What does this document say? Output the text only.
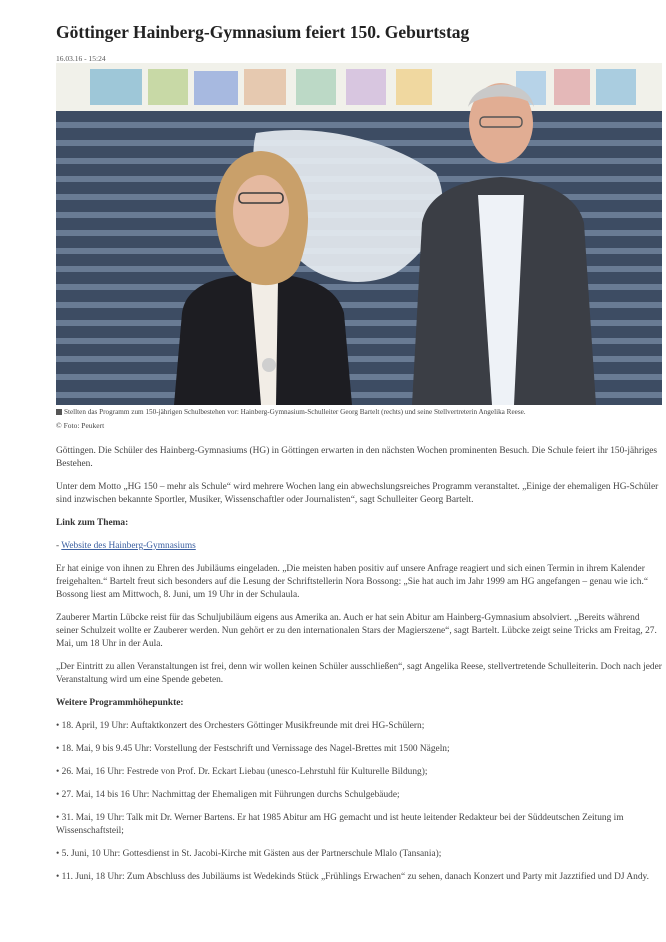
Göttinger Hainberg-Gymnasium feiert 150. Geburtstag
16.03.16 - 15:24
Stellten das Programm zum 150-jährigen Schulbestehen vor: Hainberg-Gymnasium-Schulleiter Georg Bartelt (rechts) und seine Stellvertreterin Angelika Reese.
© Foto: Peukert

Göttingen. Die Schüler des Hainberg-Gymnasiums (HG) in Göttingen erwarten in den nächsten Wochen prominenten Besuch. Die Schule feiert ihr 150-jähriges Bestehen.

Unter dem Motto „HG 150 – mehr als Schule“ wird mehrere Wochen lang ein abwechslungsreiches Programm veranstaltet. „Einige der ehemaligen HG-Schüler sind inzwischen bekannte Sportler, Musiker, Wissenschaftler oder Journalisten“, sagt Schulleiter Georg Bartelt.

Link zum Thema:

- Website des Hainberg-Gymnasiums

Er hat einige von ihnen zu Ehren des Jubiläums eingeladen. „Die meisten haben positiv auf unsere Anfrage reagiert und sich einen Termin in ihrem Kalender freigehalten.“ Bartelt freut sich besonders auf die Lesung der Schriftstellerin Nora Bossong: „Sie hat auch im Jahr 1999 am HG angefangen – genau wie ich.“ Bossong liest am Mittwoch, 8. Juni, um 19 Uhr in der Schulaula.

Zauberer Martin Lübcke reist für das Schuljubiläum eigens aus Amerika an. Auch er hat sein Abitur am Hainberg-Gymnasium absolviert. „Bereits während seiner Schulzeit wollte er Zauberer werden. Nun gehört er zu den internationalen Stars der Magierszene“, sagt Bartelt. Lübcke zeigt seine Tricks am Freitag, 27. Mai, um 18 Uhr in der Aula.

„Der Eintritt zu allen Veranstaltungen ist frei, denn wir wollen keinen Schüler ausschließen“, sagt Angelika Reese, stellvertretende Schulleiterin. Doch nach jeder Veranstaltung wird um eine Spende gebeten.

Weitere Programmhöhepunkte:

• 18. April, 19 Uhr: Auftaktkonzert des Orchesters Göttinger Musikfreunde mit drei HG-Schülern;

• 18. Mai, 9 bis 9.45 Uhr: Vorstellung der Festschrift und Vernissage des Nagel-Brettes mit 1500 Nägeln;

• 26. Mai, 16 Uhr: Festrede von Prof. Dr. Eckart Liebau (unesco-Lehrstuhl für Kulturelle Bildung);

• 27. Mai, 14 bis 16 Uhr: Nachmittag der Ehemaligen mit Führungen durchs Schulgebäude;

• 31. Mai, 19 Uhr: Talk mit Dr. Werner Bartens. Er hat 1985 Abitur am HG gemacht und ist heute leitender Redakteur bei der Süddeutschen Zeitung im Wissenschaftsteil;

• 5. Juni, 10 Uhr: Gottesdienst in St. Jacobi-Kirche mit Gästen aus der Partnerschule Mlalo (Tansania);

• 11. Juni, 18 Uhr: Zum Abschluss des Jubiläums ist Wedekinds Stück „Frühlings Erwachen“ zu sehen, danach Konzert und Party mit Jazztified und DJ Andy.
